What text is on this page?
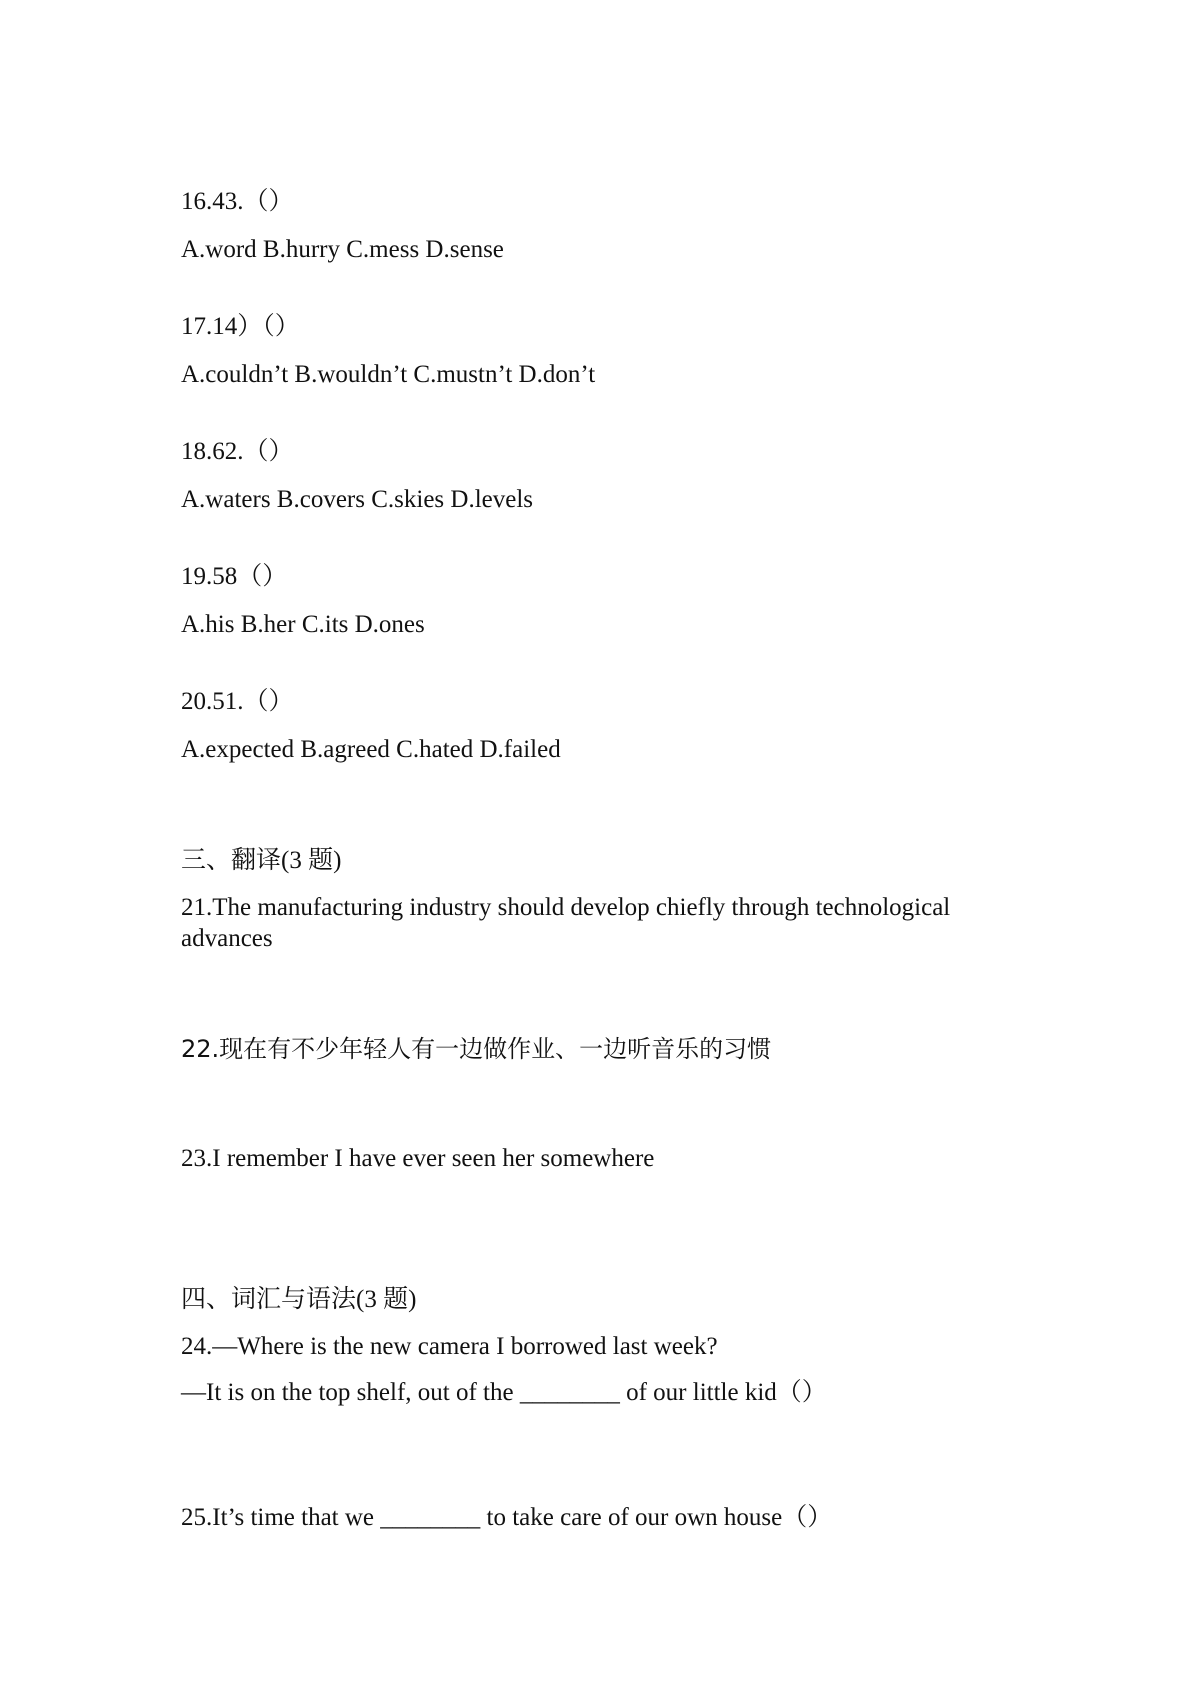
16.43.（）
A.word B.hurry C.mess D.sense
17.14）（）
A.couldn’t B.wouldn’t C.mustn’t D.don’t
18.62.（）
A.waters B.covers C.skies D.levels
19.58（）
A.his B.her C.its D.ones
20.51.（）
A.expected B.agreed C.hated D.failed
三、翻译(3 题)
21.The manufacturing industry should develop chiefly through technological advances
22.现在有不少年轻人有一边做作业、一边听音乐的习惯
23.I remember I have ever seen her somewhere
四、词汇与语法(3 题)
24.—Where is the new camera I borrowed last week?
—It is on the top shelf, out of the ________ of our little kid（）
25.It’s time that we ________ to take care of our own house（）
